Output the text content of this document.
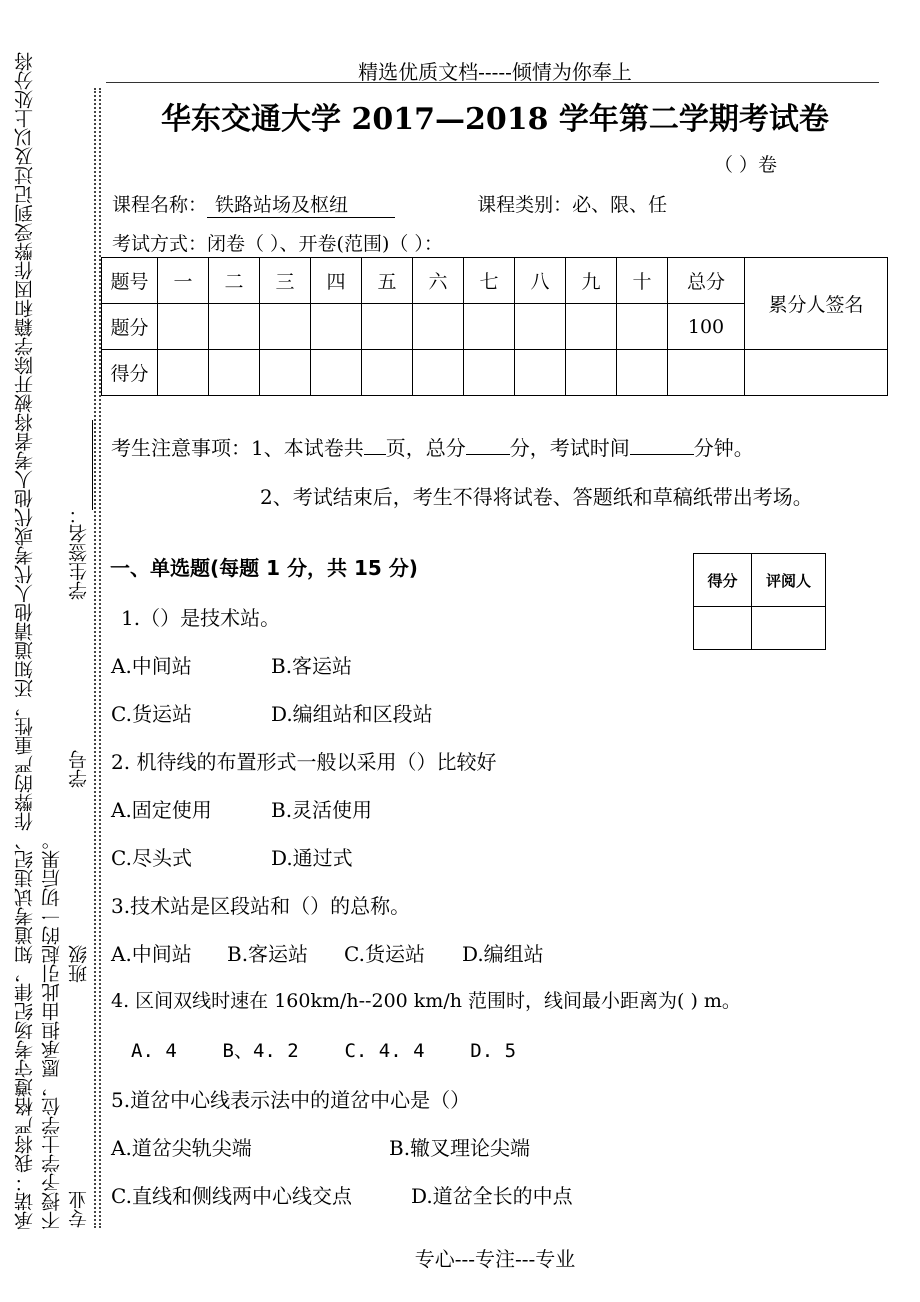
精选优质文档-----倾情为你奉上
华东交通大学 2017—2018 学年第二学期考试卷
（ ）卷
课程名称： 铁路站场及枢纽	课程类别：必、限、任
考试方式：闭卷（ ）、开卷(范围)（ ）：
题号	一	二	三	四	五	六	七	八	九	十	总分	累分人签名
题分											100	
得分												
考生注意事项：1、本试卷共 页，总分 分，考试时间	分钟。
2、考试结束后，考生不得将试卷、答题纸和草稿纸带出考场。
一、单选题(每题 1 分，共 15 分)
得分	评阅人

1.（）是技术站。
A.中间站	B.客运站
C.货运站	D.编组站和区段站
2. 机待线的布置形式一般以采用（）比较好
A.固定使用	B.灵活使用
C.尽头式	D.通过式
3.技术站是区段站和（）的总称。
A.中间站 B.客运站 C.货运站 D.编组站
4. 区间双线时速在 160km/h--200 km/h 范围时，线间最小距离为( ) m。
A. 4    B、4. 2    C. 4. 4    D. 5
5.道岔中心线表示法中的道岔中心是（）
A.道岔尖轨尖端	B.辙叉理论尖端
C.直线和侧线两中心线交点	D.道岔全长的中点
承诺：我将严格遵守考场纪律，知道考试违纪、作弊的严重性，还知道请他人代考或代他人考者将被开除学籍和因作弊受到记过及以上处分将 不授予学士学位，愿承担由此引起的一切后果。 专业
班级
学号
学生签名：
专心---专注---专业
